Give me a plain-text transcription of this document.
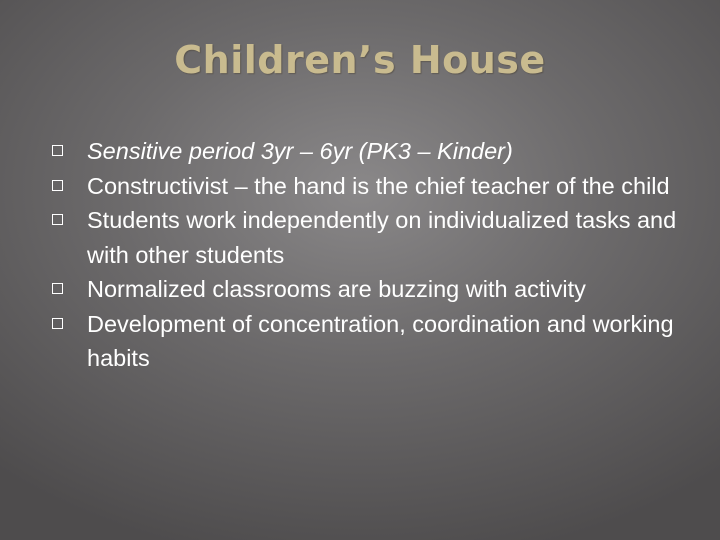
Children’s House
Sensitive period 3yr – 6yr (PK3 – Kinder)
Constructivist – the hand is the chief teacher of the child
Students work independently on individualized tasks and with other students
Normalized classrooms are buzzing with activity
Development of concentration, coordination and working habits
